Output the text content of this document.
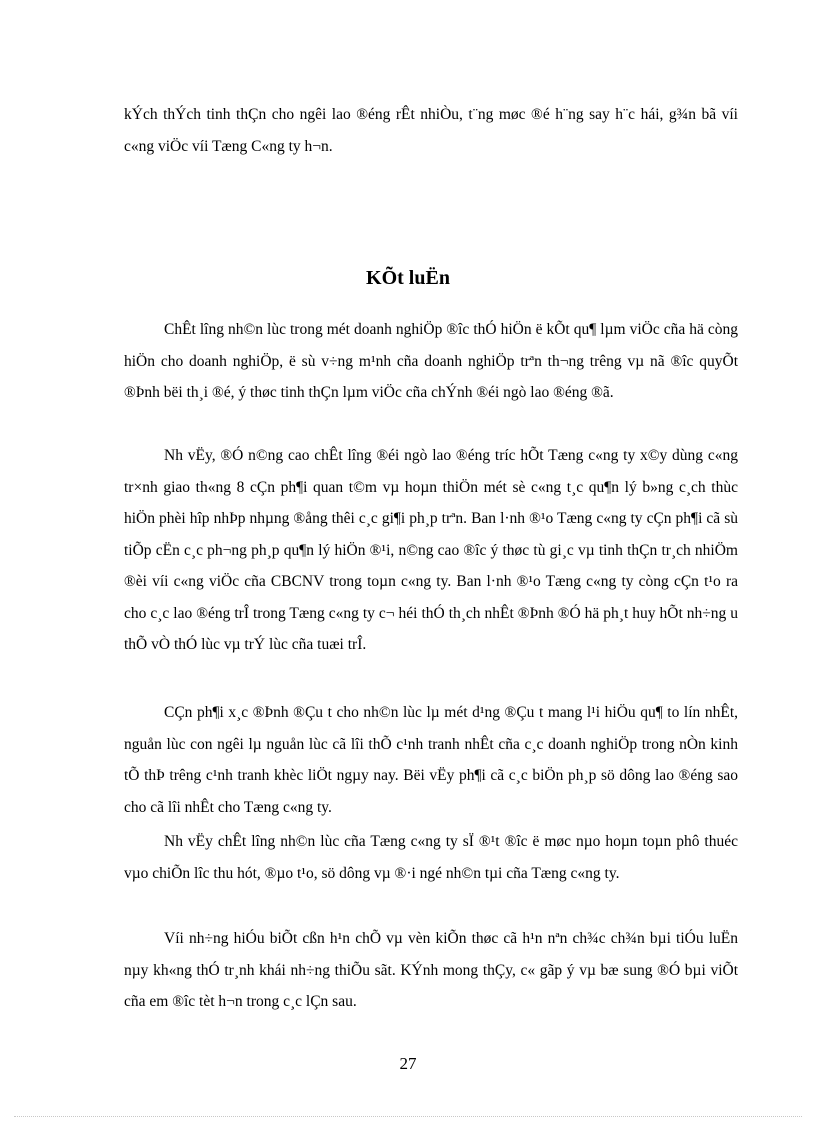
kÝch thÝch tinh thÇn cho ngêi lao ®éng rÊt nhiÒu, t¨ng møc ®é h¨ng say h¨c hái, g¾n bã víi c«ng viÖc víi Tæng C«ng ty h¬n.

KÕt luËn

ChÊt lîng nh©n lùc trong mét doanh nghiÖp ®îc thÓ hiÖn ë kÕt qu¶ lµm viÖc cña hä còng hiÖn cho doanh nghiÖp, ë sù v÷ng m¹nh cña doanh nghiÖp trªn th¬ng trêng vµ nã ®îc quyÕt ®Þnh bëi th¸i ®é, ý thøc tinh thÇn lµm viÖc cña chÝnh ®éi ngò lao ®éng ®ã.

Nh vËy, ®Ó n©ng cao chÊt lîng ®éi ngò lao ®éng tríc hÕt Tæng c«ng ty x©y dùng c«ng tr×nh giao th«ng 8 cÇn ph¶i quan t©m vµ hoµn thiÖn mét sè c«ng t¸c qu¶n lý b»ng c¸ch thùc hiÖn phèi hîp nhÞp nhµng ®ång thêi c¸c gi¶i ph¸p trªn. Ban l·nh ®¹o Tæng c«ng ty cÇn ph¶i cã sù tiÕp cËn c¸c ph¬ng ph¸p qu¶n lý hiÖn ®¹i, n©ng cao ®îc ý thøc tù gi¸c vµ tinh thÇn tr¸ch nhiÖm ®èi víi c«ng viÖc cña CBCNV trong toµn c«ng ty. Ban l·nh ®¹o Tæng c«ng ty còng cÇn t¹o ra cho c¸c lao ®éng trÎ trong Tæng c«ng ty c¬ héi thÓ th¸ch nhÊt ®Þnh ®Ó hä ph¸t huy hÕt nh÷ng u thÕ vÒ thÓ lùc vµ trÝ lùc cña tuæi trÎ.

CÇn ph¶i x¸c ®Þnh ®Çu t cho nh©n lùc lµ mét d¹ng ®Çu t mang l¹i hiÖu qu¶ to lín nhÊt, nguån lùc con ngêi lµ nguån lùc cã lîi thÕ c¹nh tranh nhÊt cña c¸c doanh nghiÖp trong nÒn kinh tÕ thÞ trêng c¹nh tranh khèc liÖt ngµy nay. Bëi vËy ph¶i cã c¸c biÖn ph¸p sö dông lao ®éng sao cho cã lîi nhÊt cho Tæng c«ng ty.

Nh vËy chÊt lîng nh©n lùc cña Tæng c«ng ty sÏ ®¹t ®îc ë møc nµo hoµn toµn phô thuéc vµo chiÕn lîc thu hót, ®µo t¹o, sö dông vµ ®·i ngé nh©n tµi cña Tæng c«ng ty.

Víi nh÷ng hiÓu biÕt cßn h¹n chÕ vµ vèn kiÕn thøc cã h¹n nªn ch¾c ch¾n bµi tiÓu luËn nµy kh«ng thÓ tr¸nh khái nh÷ng thiÕu sãt. KÝnh mong thÇy, c« gãp ý vµ bæ sung ®Ó bµi viÕt cña em ®îc tèt h¬n trong c¸c lÇn sau.

27
